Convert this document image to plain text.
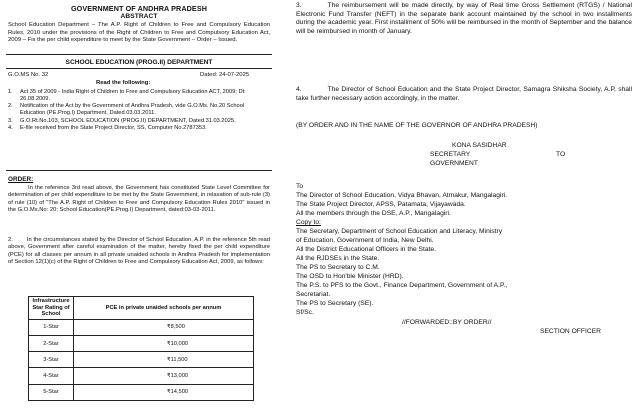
GOVERNMENT OF ANDHRA PRADESH
ABSTRACT
School Education Department – The A.P. Right of Children to Free and Compulsory Education Rules, 2010 under the provisions of the Right of Children to Free and Compulsory Education Act, 2009 – Fix the per child expenditure to meet by the State Government – Order – Issued.
SCHOOL EDUCATION (PROG.II) DEPARTMENT
G.O.MS No. 32	Dated: 24-07-2025
Read the following:
1. Act 35 of 2009 - India Right of Children to Free and Compulsory Education ACT, 2009; Dt: 26.08.2009.
2. Notification of the Act by the Government of Andhra Pradesh, vide G.O.Ms. No.20 School Education (PE.Prog.I) Department, Dated.03.03.2011.
3. G.O.Rt.No.103, SCHOOL EDUCATION (PROG.II) DEPARTMENT, Dated.31.03.2025.
4. E-file received from the State Project Director, SS, Computer No.2787353.
ORDER:
In the reference 3rd read above, the Government has constituted State Level Committee for determination of per child expenditure to be met by the State Government, in relaxation of sub-rule (3) of rule (10) of "The A.P. Right of Children to Free and Compulsory Education Rules 2010" issued in the G.O.Ms.No: 20; School Education(PE.Prog.I) Department, dated:03-03-2011.
2. In the circumstances stated by the Director of School Education, A.P. in the reference 5th read above, Government after careful examination of the matter, hereby fixed the per child expenditure (PCE) for all classes per annum in all private unaided schools in Andhra Pradesh for implementation of Section 12(1)(c) of the Right of Children to Free and Compulsory Education Act, 2009, as follows:
Infrastructure Star Rating of School	PCE in private unaided schools per annum
1-Star	₹8,500
2-Star	₹10,000
3-Star	₹11,500
4-Star	₹13,000
5-Star	₹14,500
3.	The reimbursement will be made directly, by way of Real time Gross Settlement (RTGS) / National Electronic Fund Transfer (NEFT) in the separate bank account maintained by the school in two installments during the academic year. First installment of 50% will be reimbursed in the month of September and the balance will be reimbursed in month of January.
4.	The Director of School Education and the State Project Director, Samagra Shiksha Society, A.P, shall take further necessary action accordingly, in the matter.
(BY ORDER AND IN THE NAME OF THE GOVERNOR OF ANDHRA PRADESH)
KONA SASIDHAR
SECRETARY	TO
GOVERNMENT
To
The Director of School Education, Vidya Bhavan, Atmakur, Mangalagiri.
The State Project Director, APSS, Patamata, Vijayawada.
All the members through the DSE, A.P., Mangalagiri.
Copy to:
The Secretary, Department of School Education and Literacy, Ministry
of Education, Government of India, New Delhi.
All the District Educational Officers in the State.
All the RJDSEs in the State.
The PS to Secretary to C.M.
The OSD to Hon'ble Minister (HRD).
The P.S. to PFS to the Govt., Finance Department, Government of A.P.,
Secretariat.
The PS to Secretary (SE).
Sf/Sc.
//FORWARDED::BY ORDER//
SECTION OFFICER
